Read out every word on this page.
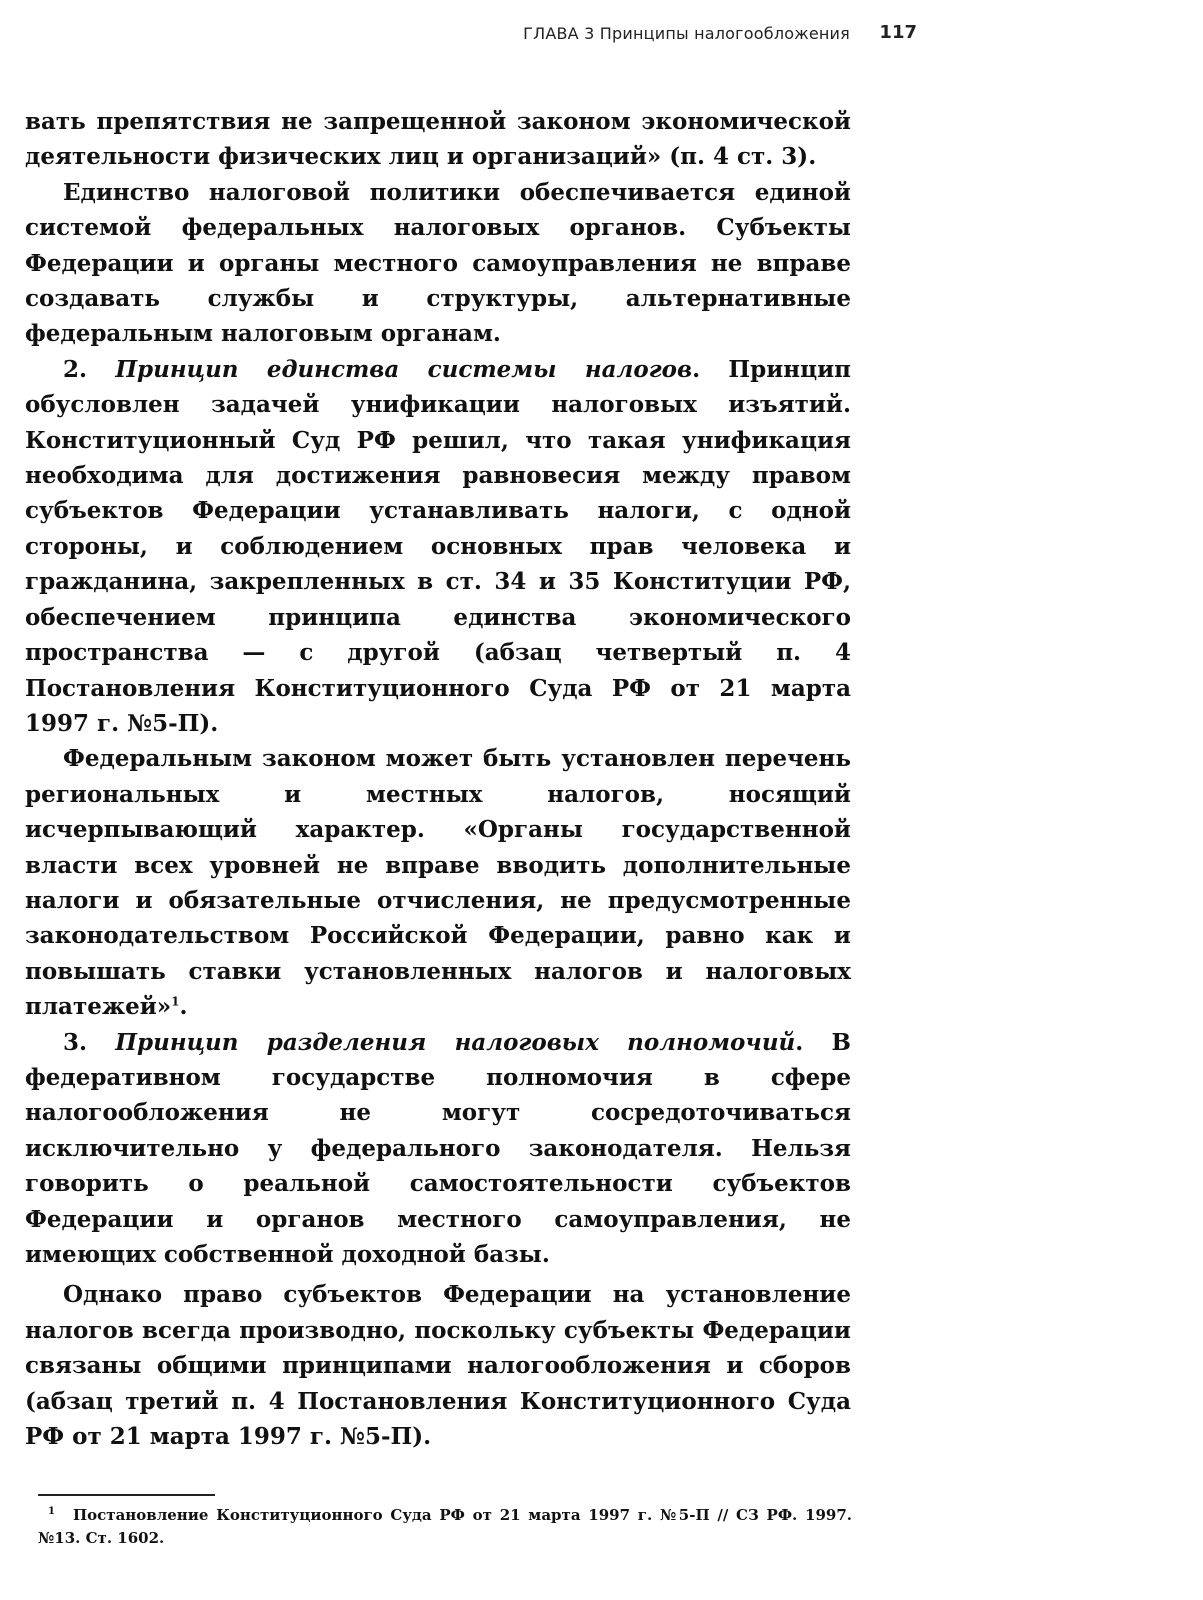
ГЛАВА 3 Принципы налогообложения 117

вать препятствия не запрещенной законом экономической деятельности физических лиц и организаций» (п. 4 ст. 3).

Единство налоговой политики обеспечивается единой системой федеральных налоговых органов. Субъекты Федерации и органы местного самоуправления не вправе создавать службы и структуры, альтернативные федеральным налоговым органам.

2. Принцип единства системы налогов. Принцип обусловлен задачей унификации налоговых изъятий. Конституционный Суд РФ решил, что такая унификация необходима для достижения равновесия между правом субъектов Федерации устанавливать налоги, с одной стороны, и соблюдением основных прав человека и гражданина, закрепленных в ст. 34 и 35 Конституции РФ, обеспечением принципа единства экономического пространства — с другой (абзац четвертый п. 4 Постановления Конституционного Суда РФ от 21 марта 1997 г. №5-П).

Федеральным законом может быть установлен перечень региональных и местных налогов, носящий исчерпывающий характер. «Органы государственной власти всех уровней не вправе вводить дополнительные налоги и обязательные отчисления, не предусмотренные законодательством Российской Федерации, равно как и повышать ставки установленных налогов и налоговых платежей»$^1$.

3. Принцип разделения налоговых полномочий. В федеративном государстве полномочия в сфере налогообложения не могут сосредоточиваться исключительно у федерального законодателя. Нельзя говорить о реальной самостоятельности субъектов Федерации и органов местного самоуправления, не имеющих собственной доходной базы.

Однако право субъектов Федерации на установление налогов всегда производно, поскольку субъекты Федерации связаны общими принципами налогообложения и сборов (абзац третий п. 4 Постановления Конституционного Суда РФ от 21 марта 1997 г. №5-П).

$^1$ Постановление Конституционного Суда РФ от 21 марта 1997 г. №5-П // СЗ РФ. 1997. №13. Ст. 1602.
